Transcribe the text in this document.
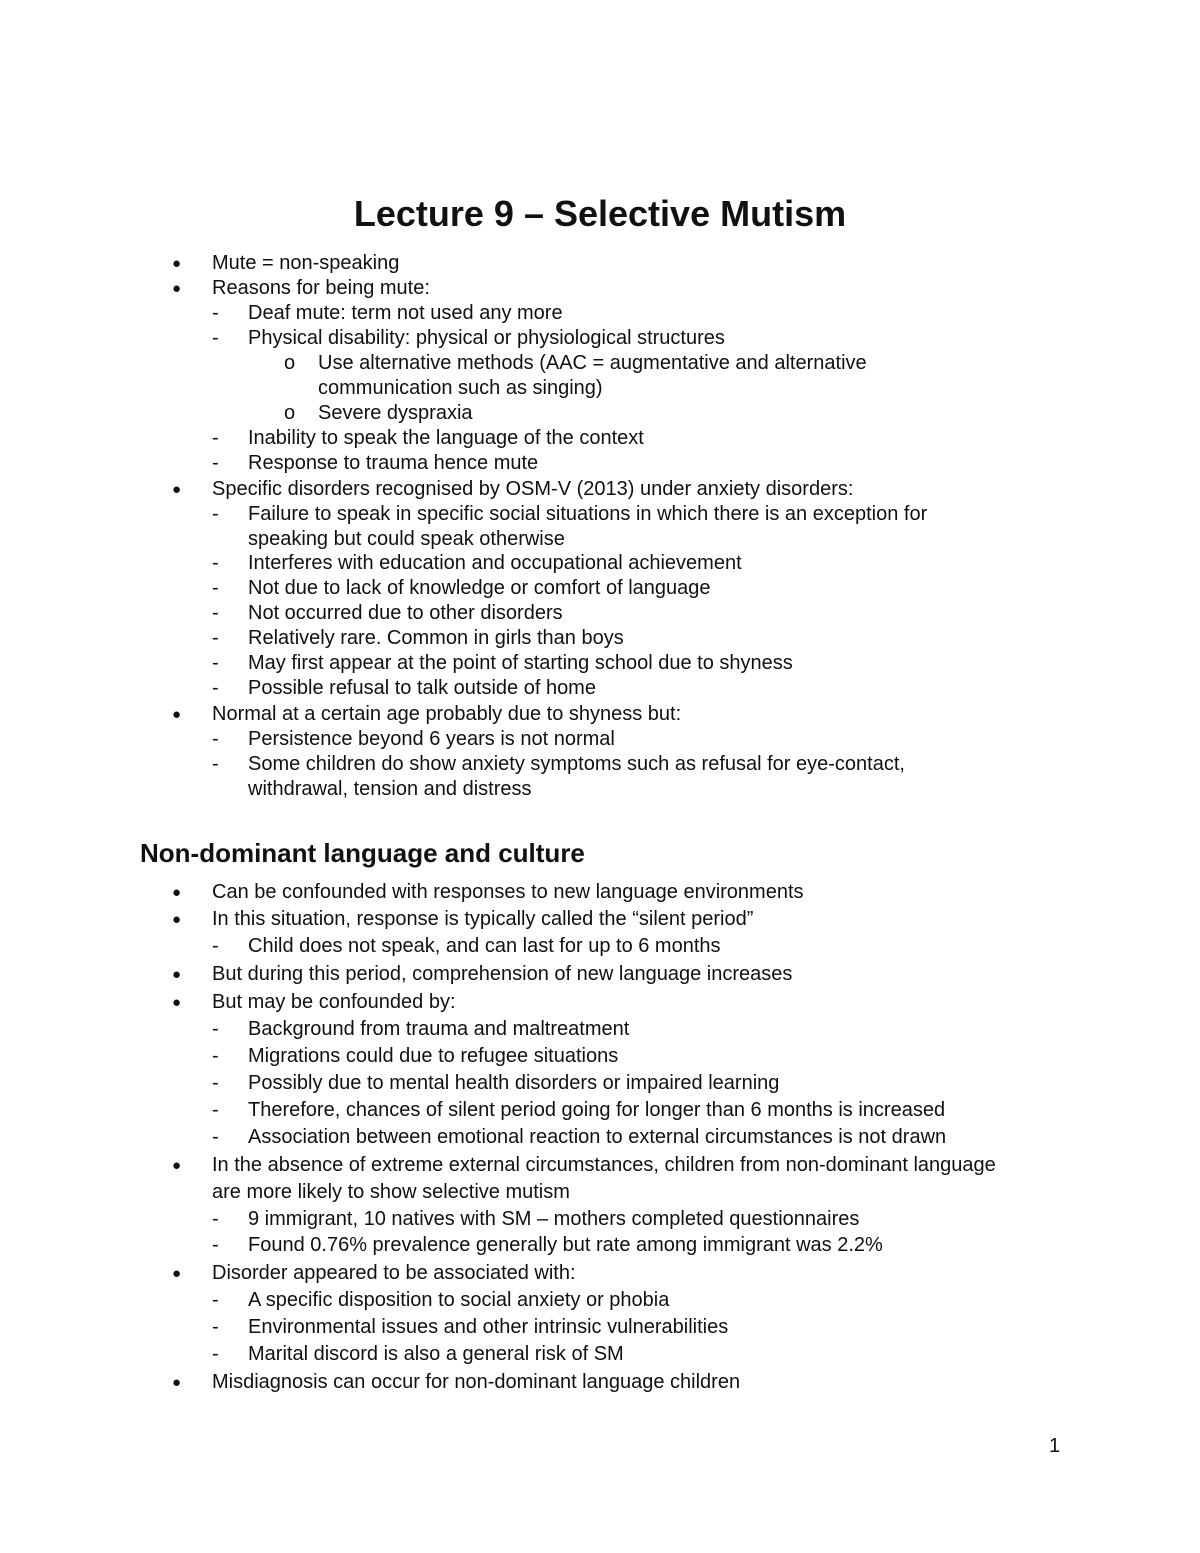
Lecture 9 – Selective Mutism
● Mute = non-speaking
● Reasons for being mute:
- Deaf mute: term not used any more
- Physical disability: physical or physiological structures
o Use alternative methods (AAC = augmentative and alternative
communication such as singing)
o Severe dyspraxia
- Inability to speak the language of the context
- Response to trauma hence mute
● Specific disorders recognised by OSM-V (2013) under anxiety disorders:
- Failure to speak in specific social situations in which there is an exception for
speaking but could speak otherwise
- Interferes with education and occupational achievement
- Not due to lack of knowledge or comfort of language
- Not occurred due to other disorders
- Relatively rare. Common in girls than boys
- May first appear at the point of starting school due to shyness
- Possible refusal to talk outside of home
● Normal at a certain age probably due to shyness but:
- Persistence beyond 6 years is not normal
- Some children do show anxiety symptoms such as refusal for eye-contact,
withdrawal, tension and distress
Non-dominant language and culture
● Can be confounded with responses to new language environments
● In this situation, response is typically called the “silent period”
- Child does not speak, and can last for up to 6 months
● But during this period, comprehension of new language increases
● But may be confounded by:
- Background from trauma and maltreatment
- Migrations could due to refugee situations
- Possibly due to mental health disorders or impaired learning
- Therefore, chances of silent period going for longer than 6 months is increased
- Association between emotional reaction to external circumstances is not drawn
● In the absence of extreme external circumstances, children from non-dominant language
are more likely to show selective mutism
- 9 immigrant, 10 natives with SM – mothers completed questionnaires
- Found 0.76% prevalence generally but rate among immigrant was 2.2%
● Disorder appeared to be associated with:
- A specific disposition to social anxiety or phobia
- Environmental issues and other intrinsic vulnerabilities
- Marital discord is also a general risk of SM
● Misdiagnosis can occur for non-dominant language children
1
